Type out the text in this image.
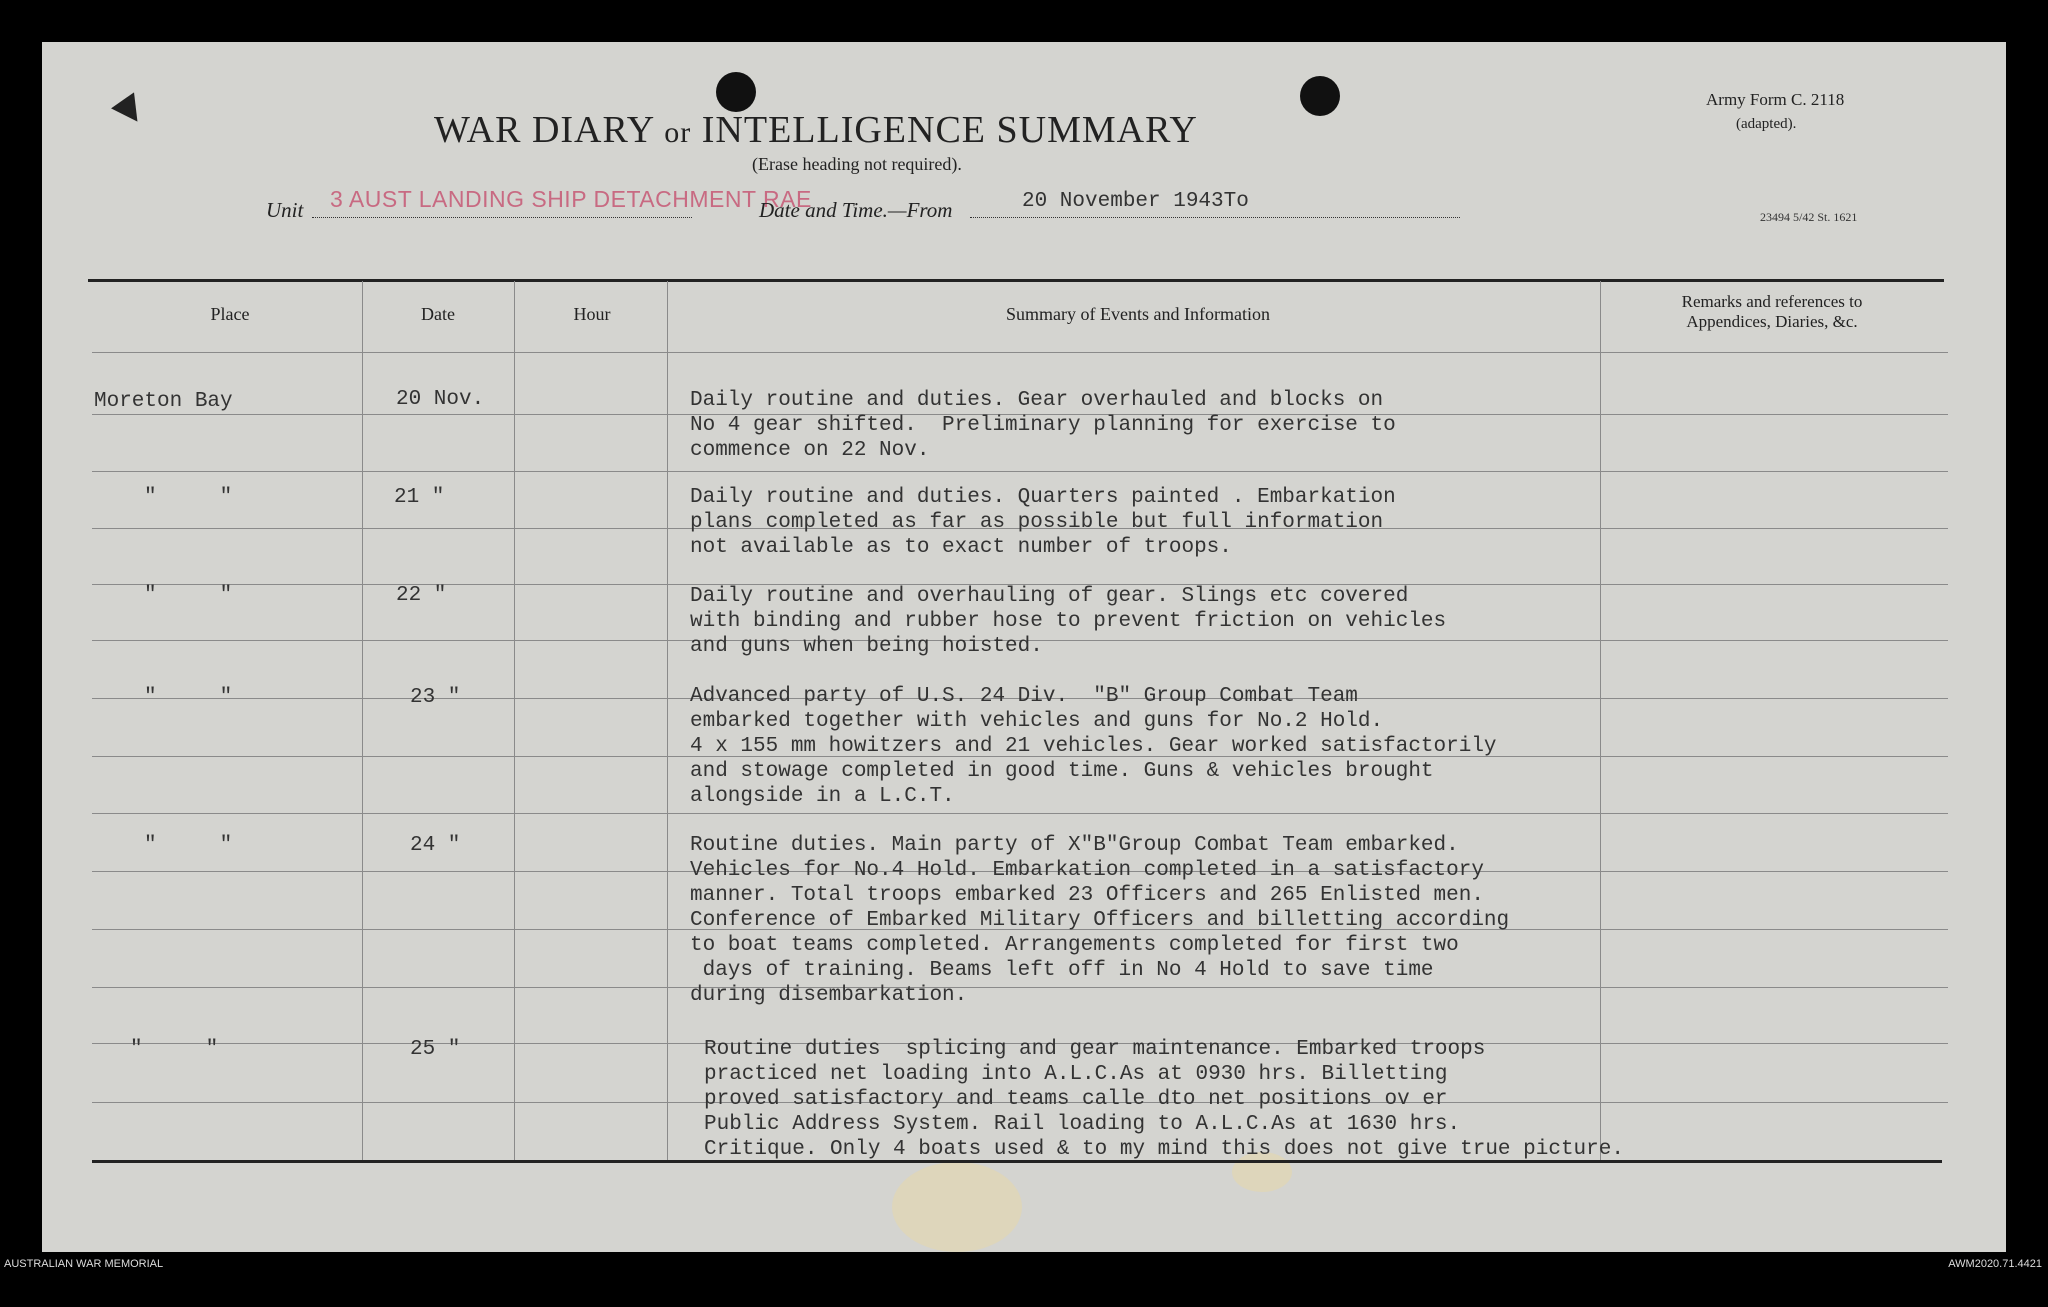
WAR DIARY or INTELLIGENCE SUMMARY
(Erase heading not required).
Army Form C. 2118
(adapted).
23494 5/42 St. 1621
Unit 3 AUST LANDING SHIP DETACHMENT RAE
Date and Time.—From	20 November 1943To
Place	Date	Hour	Summary of Events and Information
Remarks and references to
Appendices, Diaries, &c.
Moreton Bay	20 Nov.	Daily routine and duties. Gear overhauled and blocks on
No 4 gear shifted.  Preliminary planning for exercise to
commence on 22 Nov.
"     "	21 "	Daily routine and duties. Quarters painted . Embarkation
plans completed as far as possible but full information
not available as to exact number of troops.
"     "	22 "	Daily routine and overhauling of gear. Slings etc covered
with binding and rubber hose to prevent friction on vehicles
and guns when being hoisted.
"     "	23 "	Advanced party of U.S. 24 Div.  "B" Group Combat Team
embarked together with vehicles and guns for No.2 Hold.
4 x 155 mm howitzers and 21 vehicles. Gear worked satisfactorily
and stowage completed in good time. Guns & vehicles brought
alongside in a L.C.T.
"     "	24 "	Routine duties. Main party of X"B"Group Combat Team embarked.
Vehicles for No.4 Hold. Embarkation completed in a satisfactory
manner. Total troops embarked 23 Officers and 265 Enlisted men.
Conference of Embarked Military Officers and billetting according
to boat teams completed. Arrangements completed for first two
days of training. Beams left off in No 4 Hold to save time
during disembarkation.
"     "	25 "	Routine duties  splicing and gear maintenance. Embarked troops
practiced net loading into A.L.C.As at 0930 hrs. Billetting
proved satisfactory and teams calle dto net positions ov er
Public Address System. Rail loading to A.L.C.As at 1630 hrs.
Critique. Only 4 boats used & to my mind this does not give true picture.
AUSTRALIAN WAR MEMORIAL	AWM2020.71.4421
